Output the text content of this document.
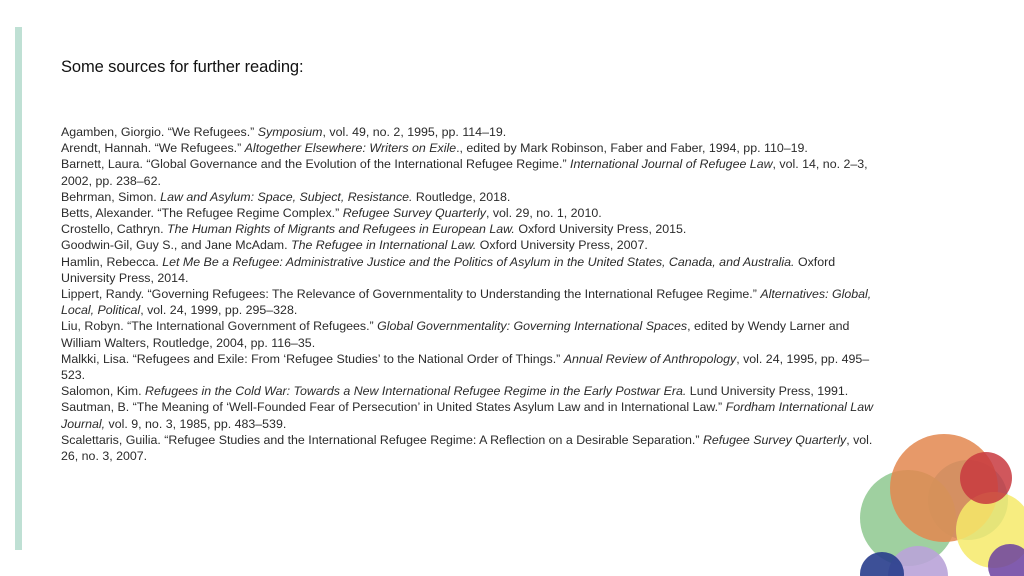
Some sources for further reading:

Agamben, Giorgio. “We Refugees.” Symposium, vol. 49, no. 2, 1995, pp. 114–19.

Arendt, Hannah. “We Refugees.” Altogether Elsewhere: Writers on Exile., edited by Mark Robinson, Faber and Faber, 1994, pp. 110–19.

Barnett, Laura. “Global Governance and the Evolution of the International Refugee Regime.” International Journal of Refugee Law, vol. 14, no. 2–3, 2002, pp. 238–62.

Behrman, Simon. Law and Asylum: Space, Subject, Resistance. Routledge, 2018.

Betts, Alexander. “The Refugee Regime Complex.” Refugee Survey Quarterly, vol. 29, no. 1, 2010.

Crostello, Cathryn. The Human Rights of Migrants and Refugees in European Law. Oxford University Press, 2015.

Goodwin-Gil, Guy S., and Jane McAdam. The Refugee in International Law. Oxford University Press, 2007.

Hamlin, Rebecca. Let Me Be a Refugee: Administrative Justice and the Politics of Asylum in the United States, Canada, and Australia. Oxford University Press, 2014.

Lippert, Randy. “Governing Refugees: The Relevance of Governmentality to Understanding the International Refugee Regime.” Alternatives: Global, Local, Political, vol. 24, 1999, pp. 295–328.

Liu, Robyn. “The International Government of Refugees.” Global Governmentality: Governing International Spaces, edited by Wendy Larner and William Walters, Routledge, 2004, pp. 116–35.

Malkki, Lisa. “Refugees and Exile: From ‘Refugee Studies’ to the National Order of Things.” Annual Review of Anthropology, vol. 24, 1995, pp. 495–523.

Salomon, Kim. Refugees in the Cold War: Towards a New International Refugee Regime in the Early Postwar Era. Lund University Press, 1991.

Sautman, B. “The Meaning of ‘Well-Founded Fear of Persecution’ in United States Asylum Law and in International Law.” Fordham International Law Journal, vol. 9, no. 3, 1985, pp. 483–539.

Scalettaris, Guilia. “Refugee Studies and the International Refugee Regime: A Reflection on a Desirable Separation.” Refugee Survey Quarterly, vol. 26, no. 3, 2007.
